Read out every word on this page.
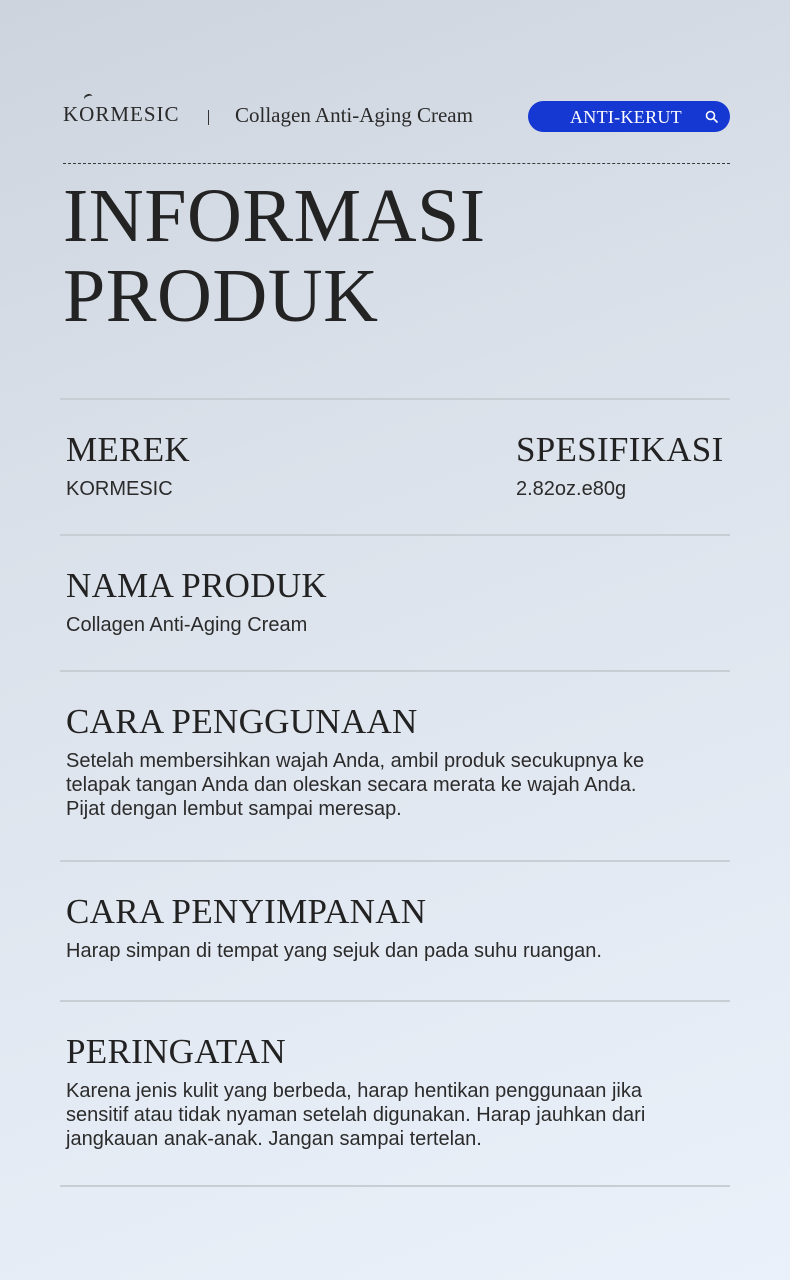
KORMESIC	Collagen Anti-Aging Cream	ANTI-KERUT
INFORMASI
PRODUK
MEREK
KORMESIC
SPESIFIKASI
2.82oz.e80g
NAMA PRODUK
Collagen Anti-Aging Cream
CARA PENGGUNAAN
Setelah membersihkan wajah Anda, ambil produk secukupnya ke
telapak tangan Anda dan oleskan secara merata ke wajah Anda.
Pijat dengan lembut sampai meresap.
CARA PENYIMPANAN
Harap simpan di tempat yang sejuk dan pada suhu ruangan.
PERINGATAN
Karena jenis kulit yang berbeda, harap hentikan penggunaan jika
sensitif atau tidak nyaman setelah digunakan. Harap jauhkan dari
jangkauan anak-anak. Jangan sampai tertelan.
